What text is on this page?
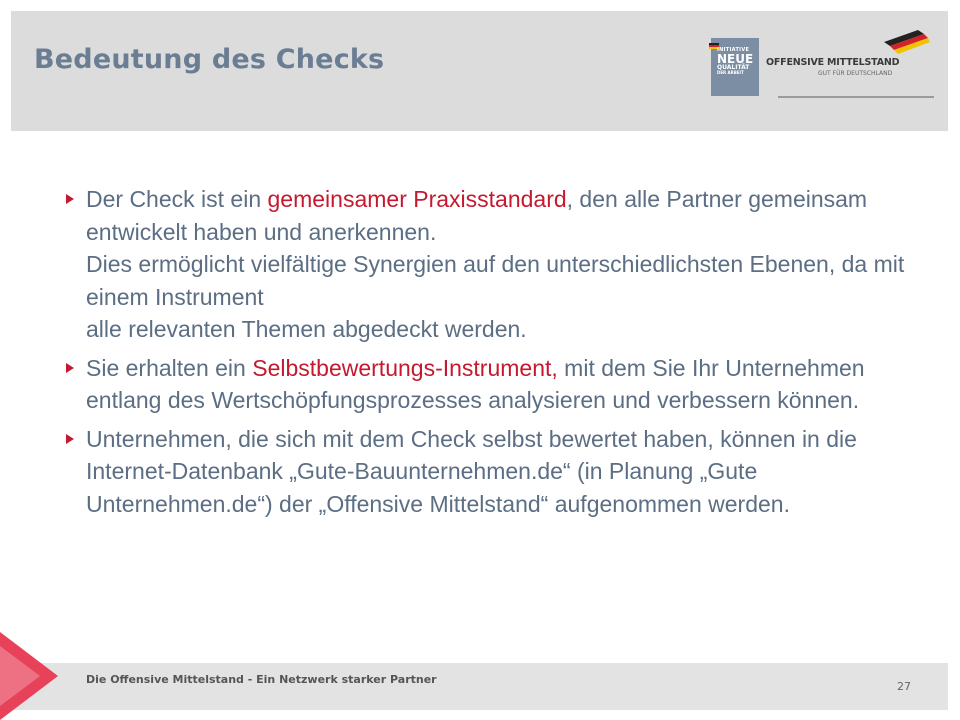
Bedeutung des Checks	INITIATIVE
NEUE
QUALITÄT
DER ARBEIT
OFFENSIVE MITTELSTAND
GUT FÜR DEUTSCHLAND
Der Check ist ein gemeinsamer Praxisstandard, den alle Partner gemeinsam entwickelt haben und anerkennen.
Dies ermöglicht vielfältige Synergien auf den unterschiedlichsten Ebenen, da mit einem Instrument
alle relevanten Themen abgedeckt werden.
Sie erhalten ein Selbstbewertungs-Instrument, mit dem Sie Ihr Unternehmen entlang des Wertschöpfungsprozesses analysieren und verbessern können.
Unternehmen, die sich mit dem Check selbst bewertet haben, können in die Internet-Datenbank „Gute-Bauunternehmen.de“ (in Planung „Gute Unternehmen.de“) der „Offensive Mittelstand“ aufgenommen werden.
Die Offensive Mittelstand - Ein Netzwerk starker Partner
27
